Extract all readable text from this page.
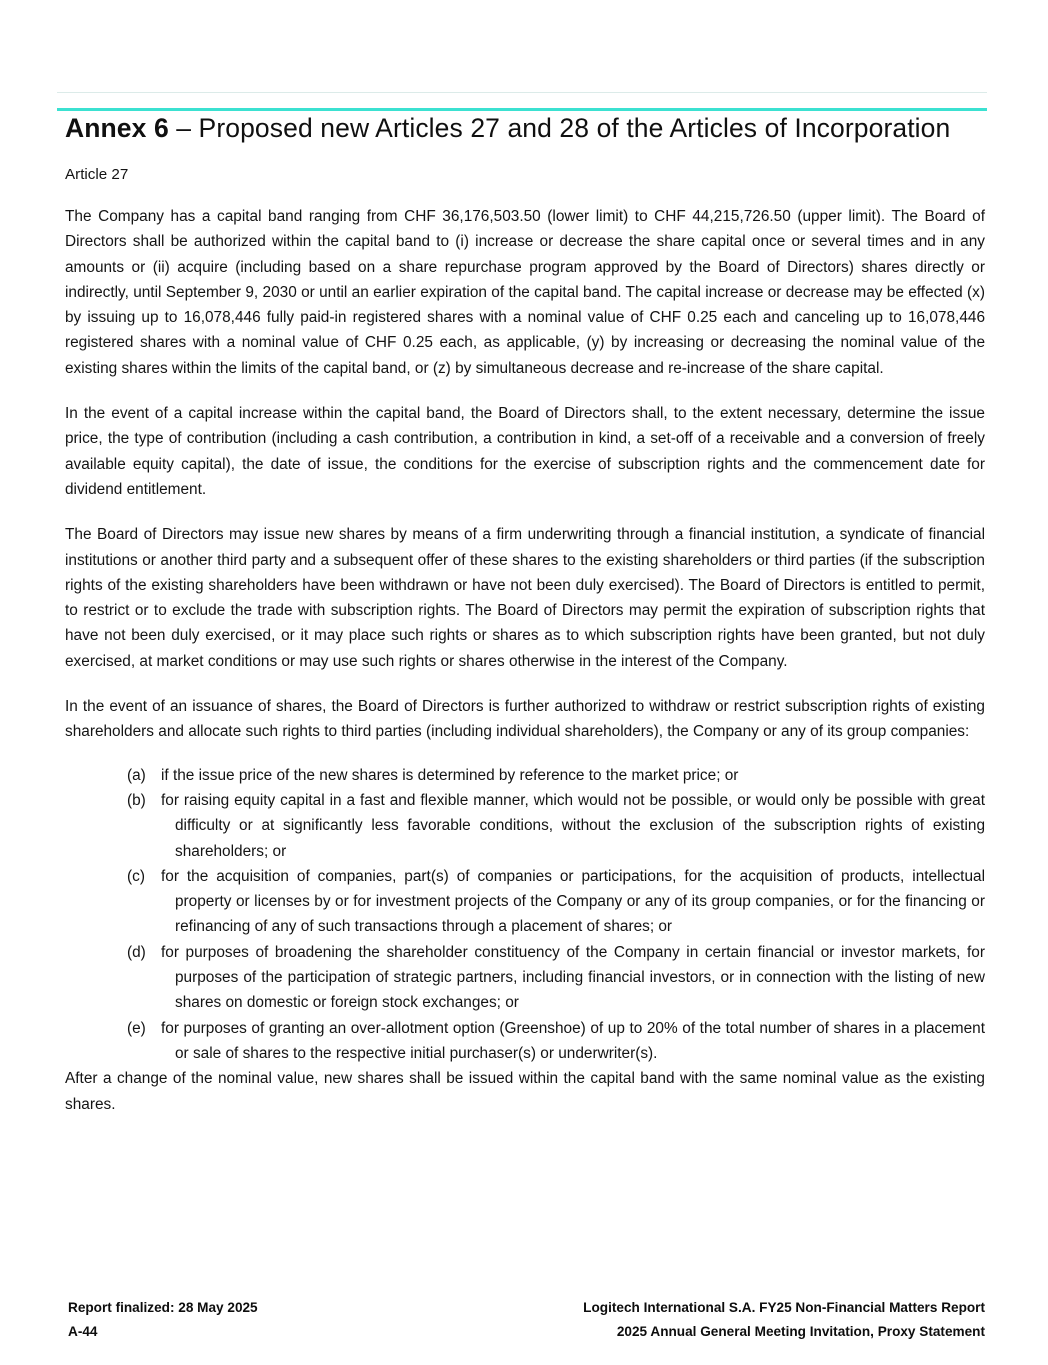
Annex 6 – Proposed new Articles 27 and 28 of the Articles of Incorporation
Article 27

The Company has a capital band ranging from CHF 36,176,503.50 (lower limit) to CHF 44,215,726.50 (upper limit). The Board of Directors shall be authorized within the capital band to (i) increase or decrease the share capital once or several times and in any amounts or (ii) acquire (including based on a share repurchase program approved by the Board of Directors) shares directly or indirectly, until September 9, 2030 or until an earlier expiration of the capital band. The capital increase or decrease may be effected (x) by issuing up to 16,078,446 fully paid-in registered shares with a nominal value of CHF 0.25 each and canceling up to 16,078,446 registered shares with a nominal value of CHF 0.25 each, as applicable, (y) by increasing or decreasing the nominal value of the existing shares within the limits of the capital band, or (z) by simultaneous decrease and re-increase of the share capital.

In the event of a capital increase within the capital band, the Board of Directors shall, to the extent necessary, determine the issue price, the type of contribution (including a cash contribution, a contribution in kind, a set-off of a receivable and a conversion of freely available equity capital), the date of issue, the conditions for the exercise of subscription rights and the commencement date for dividend entitlement.

The Board of Directors may issue new shares by means of a firm underwriting through a financial institution, a syndicate of financial institutions or another third party and a subsequent offer of these shares to the existing shareholders or third parties (if the subscription rights of the existing shareholders have been withdrawn or have not been duly exercised). The Board of Directors is entitled to permit, to restrict or to exclude the trade with subscription rights. The Board of Directors may permit the expiration of subscription rights that have not been duly exercised, or it may place such rights or shares as to which subscription rights have been granted, but not duly exercised, at market conditions or may use such rights or shares otherwise in the interest of the Company.

In the event of an issuance of shares, the Board of Directors is further authorized to withdraw or restrict subscription rights of existing shareholders and allocate such rights to third parties (including individual shareholders), the Company or any of its group companies:

(a) if the issue price of the new shares is determined by reference to the market price; or
(b) for raising equity capital in a fast and flexible manner, which would not be possible, or would only be possible with great difficulty or at significantly less favorable conditions, without the exclusion of the subscription rights of existing shareholders; or
(c) for the acquisition of companies, part(s) of companies or participations, for the acquisition of products, intellectual property or licenses by or for investment projects of the Company or any of its group companies, or for the financing or refinancing of any of such transactions through a placement of shares; or
(d) for purposes of broadening the shareholder constituency of the Company in certain financial or investor markets, for purposes of the participation of strategic partners, including financial investors, or in connection with the listing of new shares on domestic or foreign stock exchanges; or
(e) for purposes of granting an over-allotment option (Greenshoe) of up to 20% of the total number of shares in a placement or sale of shares to the respective initial purchaser(s) or underwriter(s).

After a change of the nominal value, new shares shall be issued within the capital band with the same nominal value as the existing shares.

Report finalized: 28 May 2025
A-44
Logitech International S.A. FY25 Non-Financial Matters Report
2025 Annual General Meeting Invitation, Proxy Statement
